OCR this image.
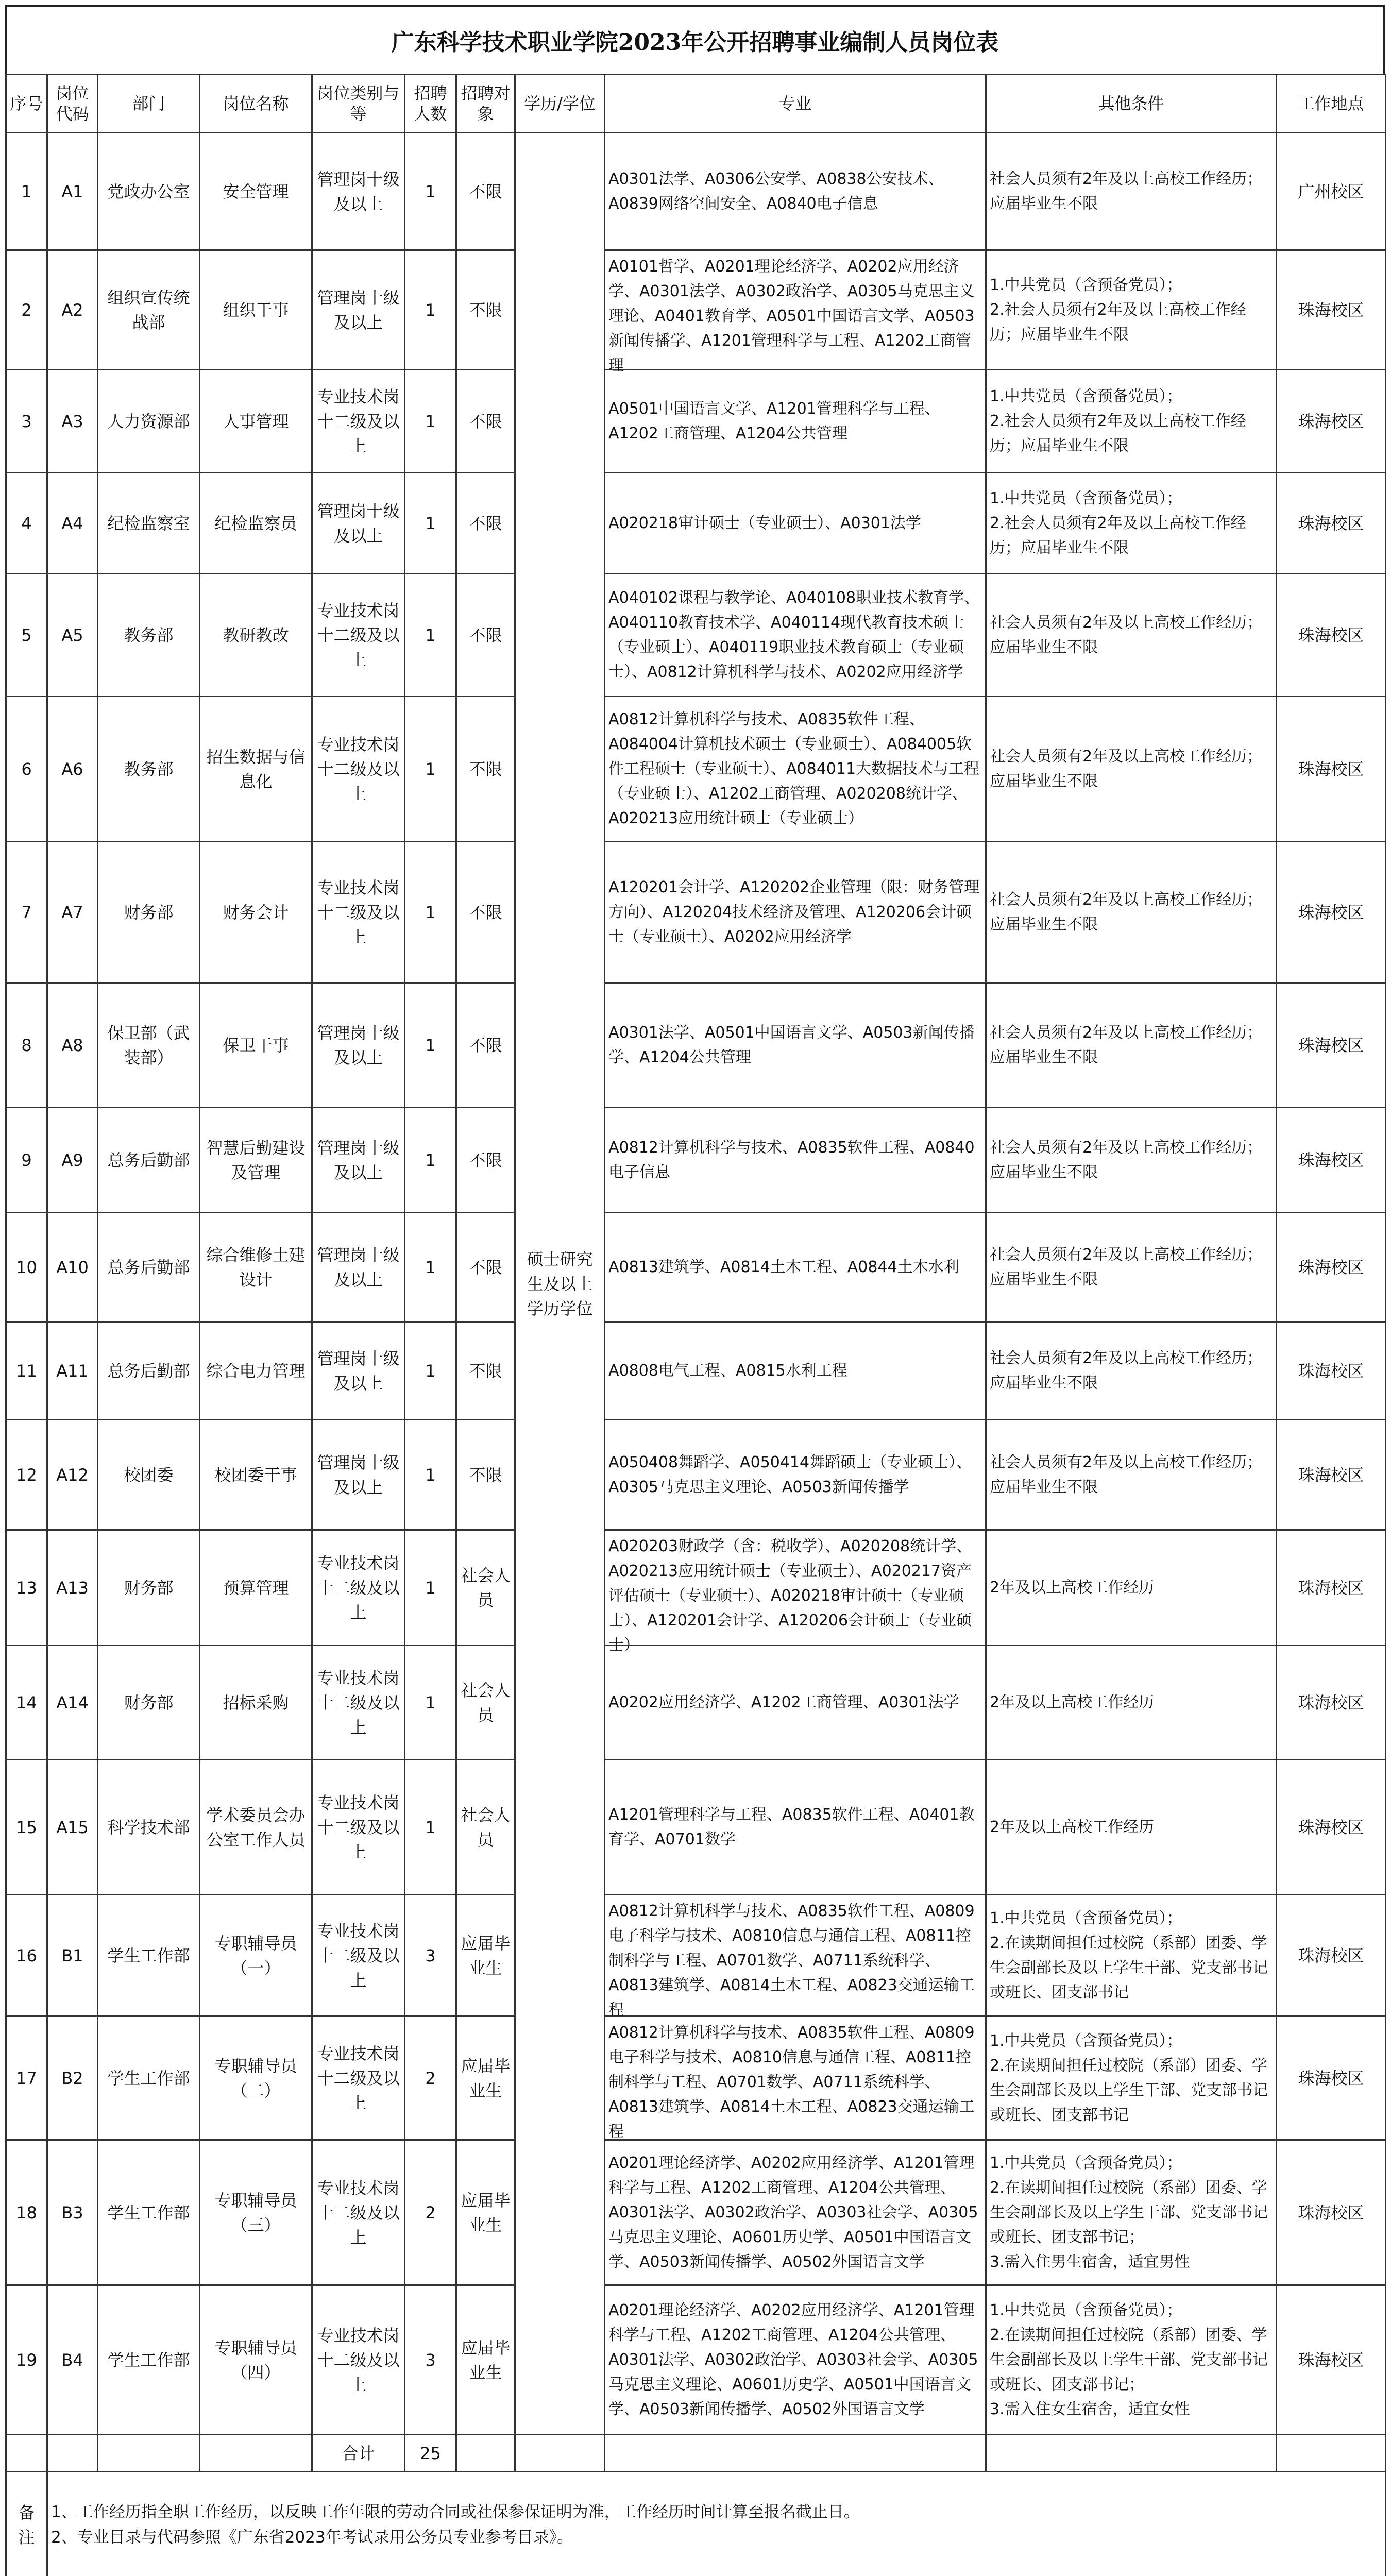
广东科学技术职业学院2023年公开招聘事业编制人员岗位表
序号	岗位代码	部门	岗位名称	岗位类别与等	招聘人数	招聘对象	学历/学位	专业	其他条件	工作地点

1	A1	党政办公室	安全管理	管理岗十级及以上	1	不限	硕士研究生及以上学历学位	A0301法学、A0306公安学、A0838公安技术、A0839网络空间安全、A0840电子信息	社会人员须有2年及以上高校工作经历；应届毕业生不限	广州校区

2	A2	组织宣传统战部	组织干事	管理岗十级及以上	1	不限		A0101哲学、A0201理论经济学、A0202应用经济学、A0301法学、A0302政治学、A0305马克思主义理论、A0401教育学、A0501中国语言文学、A0503新闻传播学、A1201管理科学与工程、A1202工商管理	1.中共党员（含预备党员）；
2.社会人员须有2年及以上高校工作经历；应届毕业生不限	珠海校区

3	A3	人力资源部	人事管理	专业技术岗十二级及以上	1	不限		A0501中国语言文学、A1201管理科学与工程、A1202工商管理、A1204公共管理	1.中共党员（含预备党员）；
2.社会人员须有2年及以上高校工作经历；应届毕业生不限	珠海校区

4	A4	纪检监察室	纪检监察员	管理岗十级及以上	1	不限		A020218审计硕士（专业硕士）、A0301法学	1.中共党员（含预备党员）；
2.社会人员须有2年及以上高校工作经历；应届毕业生不限	珠海校区

5	A5	教务部	教研教改	专业技术岗十二级及以上	1	不限		A040102课程与教学论、A040108职业技术教育学、A040110教育技术学、A040114现代教育技术硕士（专业硕士）、A040119职业技术教育硕士（专业硕士）、A0812计算机科学与技术、A0202应用经济学	社会人员须有2年及以上高校工作经历；应届毕业生不限	珠海校区

6	A6	教务部	招生数据与信息化	专业技术岗十二级及以上	1	不限		A0812计算机科学与技术、A0835软件工程、A084004计算机技术硕士（专业硕士）、A084005软件工程硕士（专业硕士）、A084011大数据技术与工程（专业硕士）、A1202工商管理、A020208统计学、A020213应用统计硕士（专业硕士）	社会人员须有2年及以上高校工作经历；应届毕业生不限	珠海校区

7	A7	财务部	财务会计	专业技术岗十二级及以上	1	不限		A120201会计学、A120202企业管理（限：财务管理方向）、A120204技术经济及管理、A120206会计硕士（专业硕士）、A0202应用经济学	社会人员须有2年及以上高校工作经历；应届毕业生不限	珠海校区

8	A8	保卫部（武装部）	保卫干事	管理岗十级及以上	1	不限		A0301法学、A0501中国语言文学、A0503新闻传播学、A1204公共管理	社会人员须有2年及以上高校工作经历；应届毕业生不限	珠海校区

9	A9	总务后勤部	智慧后勤建设及管理	管理岗十级及以上	1	不限		A0812计算机科学与技术、A0835软件工程、A0840电子信息	社会人员须有2年及以上高校工作经历；应届毕业生不限	珠海校区

10	A10	总务后勤部	综合维修土建设计	管理岗十级及以上	1	不限		A0813建筑学、A0814土木工程、A0844土木水利	社会人员须有2年及以上高校工作经历；应届毕业生不限	珠海校区

11	A11	总务后勤部	综合电力管理	管理岗十级及以上	1	不限		A0808电气工程、A0815水利工程	社会人员须有2年及以上高校工作经历；应届毕业生不限	珠海校区

12	A12	校团委	校团委干事	管理岗十级及以上	1	不限		A050408舞蹈学、A050414舞蹈硕士（专业硕士）、A0305马克思主义理论、A0503新闻传播学	社会人员须有2年及以上高校工作经历；应届毕业生不限	珠海校区

13	A13	财务部	预算管理	专业技术岗十二级及以上	1	社会人员		A020203财政学（含：税收学）、A020208统计学、A020213应用统计硕士（专业硕士）、A020217资产评估硕士（专业硕士）、A020218审计硕士（专业硕士）、A120201会计学、A120206会计硕士（专业硕士）	2年及以上高校工作经历	珠海校区

14	A14	财务部	招标采购	专业技术岗十二级及以上	1	社会人员		A0202应用经济学、A1202工商管理、A0301法学	2年及以上高校工作经历	珠海校区

15	A15	科学技术部	学术委员会办公室工作人员	专业技术岗十二级及以上	1	社会人员		A1201管理科学与工程、A0835软件工程、A0401教育学、A0701数学	2年及以上高校工作经历	珠海校区

16	B1	学生工作部	专职辅导员（一）	专业技术岗十二级及以上	3	应届毕业生		A0812计算机科学与技术、A0835软件工程、A0809电子科学与技术、A0810信息与通信工程、A0811控制科学与工程、A0701数学、A0711系统科学、A0813建筑学、A0814土木工程、A0823交通运输工程	1.中共党员（含预备党员）；
2.在读期间担任过校院（系部）团委、学生会副部长及以上学生干部、党支部书记或班长、团支部书记	珠海校区

17	B2	学生工作部	专职辅导员（二）	专业技术岗十二级及以上	2	应届毕业生		A0812计算机科学与技术、A0835软件工程、A0809电子科学与技术、A0810信息与通信工程、A0811控制科学与工程、A0701数学、A0711系统科学、A0813建筑学、A0814土木工程、A0823交通运输工程	1.中共党员（含预备党员）；
2.在读期间担任过校院（系部）团委、学生会副部长及以上学生干部、党支部书记或班长、团支部书记	珠海校区

18	B3	学生工作部	专职辅导员（三）	专业技术岗十二级及以上	2	应届毕业生		A0201理论经济学、A0202应用经济学、A1201管理科学与工程、A1202工商管理、A1204公共管理、A0301法学、A0302政治学、A0303社会学、A0305马克思主义理论、A0601历史学、A0501中国语言文学、A0503新闻传播学、A0502外国语言文学	1.中共党员（含预备党员）；
2.在读期间担任过校院（系部）团委、学生会副部长及以上学生干部、党支部书记或班长、团支部书记；
3.需入住男生宿舍，适宜男性	珠海校区

19	B4	学生工作部	专职辅导员（四）	专业技术岗十二级及以上	3	应届毕业生		A0201理论经济学、A0202应用经济学、A1201管理科学与工程、A1202工商管理、A1204公共管理、A0301法学、A0302政治学、A0303社会学、A0305马克思主义理论、A0601历史学、A0501中国语言文学、A0503新闻传播学、A0502外国语言文学	1.中共党员（含预备党员）；
2.在读期间担任过校院（系部）团委、学生会副部长及以上学生干部、党支部书记或班长、团支部书记；
3.需入住女生宿舍，适宜女性	珠海校区

				合计	25					
备注	1、工作经历指全职工作经历，以反映工作年限的劳动合同或社保参保证明为准，工作经历时间计算至报名截止日。
2、专业目录与代码参照《广东省2023年考试录用公务员专业参考目录》。									
